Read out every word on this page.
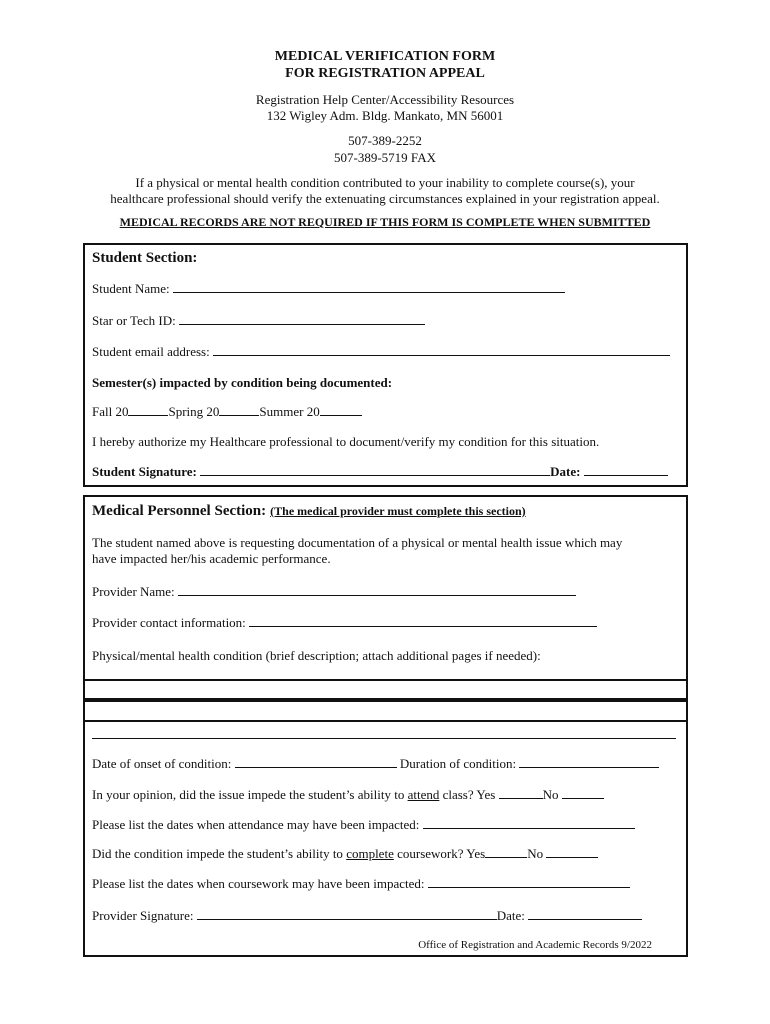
MEDICAL VERIFICATION FORM
FOR REGISTRATION APPEAL
Registration Help Center/Accessibility Resources
132 Wigley Adm. Bldg. Mankato, MN 56001
507-389-2252
507-389-5719 FAX
If a physical or mental health condition contributed to your inability to complete course(s), your
healthcare professional should verify the extenuating circumstances explained in your registration appeal.
MEDICAL RECORDS ARE NOT REQUIRED IF THIS FORM IS COMPLETE WHEN SUBMITTED
Student Section:
Student Name:
Star or Tech ID:
Student email address:
Semester(s) impacted by condition being documented:
Fall 20	Spring 20	Summer 20
I hereby authorize my Healthcare professional to document/verify my condition for this situation.
Student Signature:	Date:
Medical Personnel Section: (The medical provider must complete this section)
The student named above is requesting documentation of a physical or mental health issue which may
have impacted her/his academic performance.
Provider Name:
Provider contact information:
Physical/mental health condition (brief description; attach additional pages if needed):
Date of onset of condition:	Duration of condition:
In your opinion, did the issue impede the student’s ability to attend class? Yes	No
Please list the dates when attendance may have been impacted:
Did the condition impede the student’s ability to complete coursework? Yes	No
Please list the dates when coursework may have been impacted:
Provider Signature:	Date:
Office of Registration and Academic Records 9/2022
